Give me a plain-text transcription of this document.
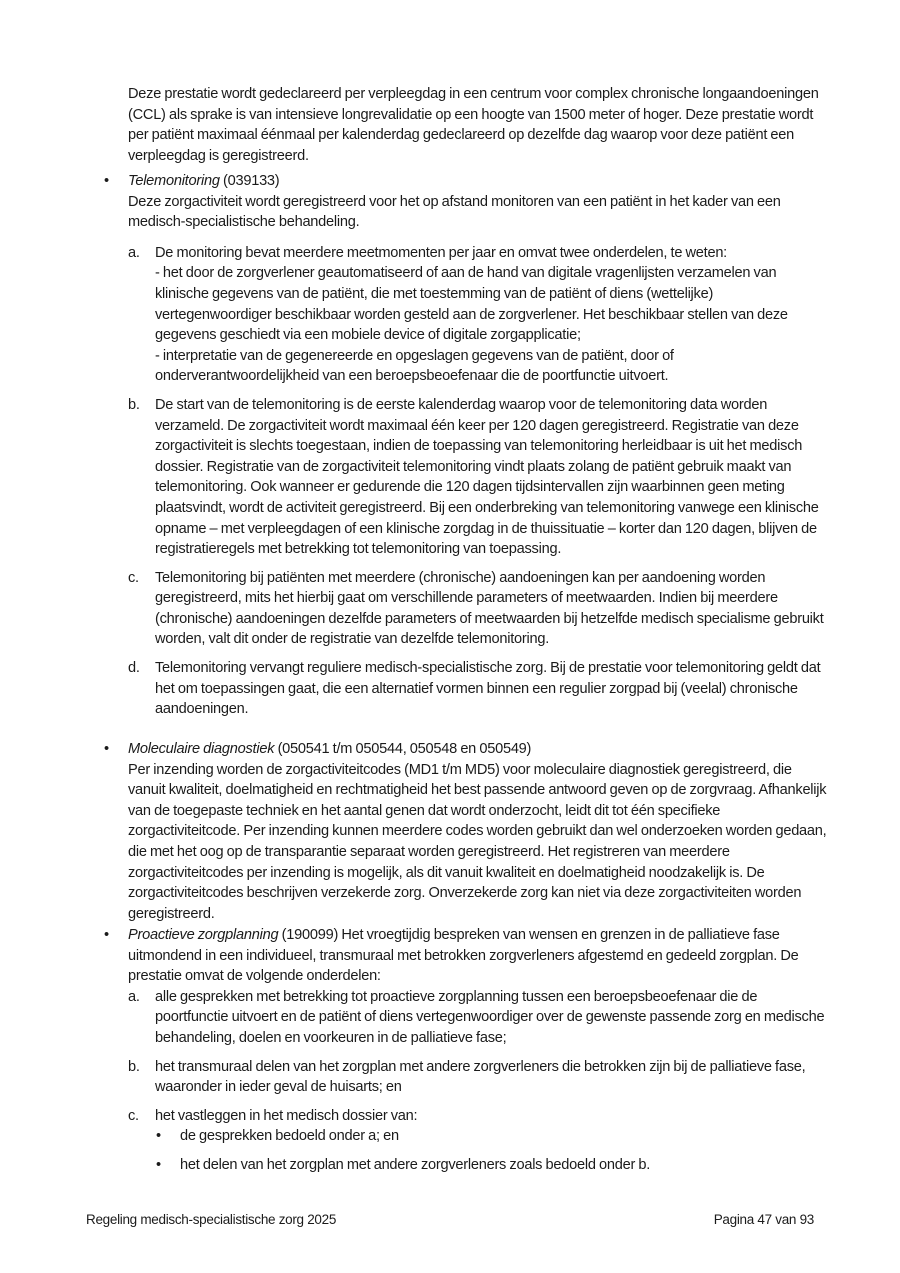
Deze prestatie wordt gedeclareerd per verpleegdag in een centrum voor complex chronische longaandoeningen (CCL) als sprake is van intensieve longrevalidatie op een hoogte van 1500 meter of hoger. Deze prestatie wordt per patiënt maximaal éénmaal per kalenderdag gedeclareerd op dezelfde dag waarop voor deze patiënt een verpleegdag is geregistreerd.

•	Telemonitoring (039133)

Deze zorgactiviteit wordt geregistreerd voor het op afstand monitoren van een patiënt in het kader van een medisch-specialistische behandeling.

a. De monitoring bevat meerdere meetmomenten per jaar en omvat twee onderdelen, te weten:
- het door de zorgverlener geautomatiseerd of aan de hand van digitale vragenlijsten verzamelen van klinische gegevens van de patiënt, die met toestemming van de patiënt of diens (wettelijke) vertegenwoordiger beschikbaar worden gesteld aan de zorgverlener. Het beschikbaar stellen van deze gegevens geschiedt via een mobiele device of digitale zorgapplicatie;
- interpretatie van de gegenereerde en opgeslagen gegevens van de patiënt, door of onderverantwoordelijkheid van een beroepsbeoefenaar die de poortfunctie uitvoert.
b. De start van de telemonitoring is de eerste kalenderdag waarop voor de telemonitoring data worden verzameld. De zorgactiviteit wordt maximaal één keer per 120 dagen geregistreerd. Registratie van deze zorgactiviteit is slechts toegestaan, indien de toepassing van telemonitoring herleidbaar is uit het medisch dossier. Registratie van de zorgactiviteit telemonitoring vindt plaats zolang de patiënt gebruik maakt van telemonitoring. Ook wanneer er gedurende die 120 dagen tijdsintervallen zijn waarbinnen geen meting plaatsvindt, wordt de activiteit geregistreerd. Bij een onderbreking van telemonitoring vanwege een klinische opname – met verpleegdagen of een klinische zorgdag in de thuissituatie – korter dan 120 dagen, blijven de registratieregels met betrekking tot telemonitoring van toepassing.
c. Telemonitoring bij patiënten met meerdere (chronische) aandoeningen kan per aandoening worden geregistreerd, mits het hierbij gaat om verschillende parameters of meetwaarden. Indien bij meerdere (chronische) aandoeningen dezelfde parameters of meetwaarden bij hetzelfde medisch specialisme gebruikt worden, valt dit onder de registratie van dezelfde telemonitoring.
d. Telemonitoring vervangt reguliere medisch-specialistische zorg. Bij de prestatie voor telemonitoring geldt dat het om toepassingen gaat, die een alternatief vormen binnen een regulier zorgpad bij (veelal) chronische aandoeningen.
•	Moleculaire diagnostiek (050541 t/m 050544, 050548 en 050549)

Per inzending worden de zorgactiviteitcodes (MD1 t/m MD5) voor moleculaire diagnostiek geregistreerd, die vanuit kwaliteit, doelmatigheid en rechtmatigheid het best passende antwoord geven op de zorgvraag. Afhankelijk van de toegepaste techniek en het aantal genen dat wordt onderzocht, leidt dit tot één specifieke zorgactiviteitcode. Per inzending kunnen meerdere codes worden gebruikt dan wel onderzoeken worden gedaan, die met het oog op de transparantie separaat worden geregistreerd. Het registreren van meerdere zorgactiviteitcodes per inzending is mogelijk, als dit vanuit kwaliteit en doelmatigheid noodzakelijk is. De zorgactiviteitcodes beschrijven verzekerde zorg. Onverzekerde zorg kan niet via deze zorgactiviteiten worden geregistreerd.

•	Proactieve zorgplanning (190099) Het vroegtijdig bespreken van wensen en grenzen in de palliatieve fase uitmondend in een individueel, transmuraal met betrokken zorgverleners afgestemd en gedeeld zorgplan. De prestatie omvat de volgende onderdelen:
a. alle gesprekken met betrekking tot proactieve zorgplanning tussen een beroepsbeoefenaar die de poortfunctie uitvoert en de patiënt of diens vertegenwoordiger over de gewenste passende zorg en medische behandeling, doelen en voorkeuren in de palliatieve fase;
b. het transmuraal delen van het zorgplan met andere zorgverleners die betrokken zijn bij de palliatieve fase, waaronder in ieder geval de huisarts; en
c. het vastleggen in het medisch dossier van:
• de gesprekken bedoeld onder a; en
• het delen van het zorgplan met andere zorgverleners zoals bedoeld onder b.
Regeling medisch-specialistische zorg 2025	Pagina 47 van 93
